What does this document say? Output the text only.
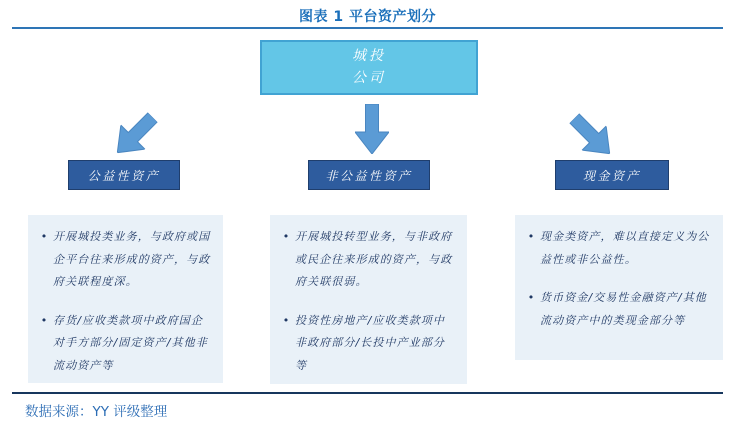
图表 1 平台资产划分
城投
公司
公益性资产	非公益性资产	现金资产
• 开展城投类业务，与政府或国企平台往来形成的资产，与政府关联程度深。
• 存货/应收类款项中政府国企对手方部分/固定资产/其他非流动资产等
• 开展城投转型业务，与非政府或民企往来形成的资产，与政府关联很弱。
• 投资性房地产/应收类款项中非政府部分/长投中产业部分等
• 现金类资产，难以直接定义为公益性或非公益性。
• 货币资金/交易性金融资产/其他流动资产中的类现金部分等
数据来源：YY 评级整理
